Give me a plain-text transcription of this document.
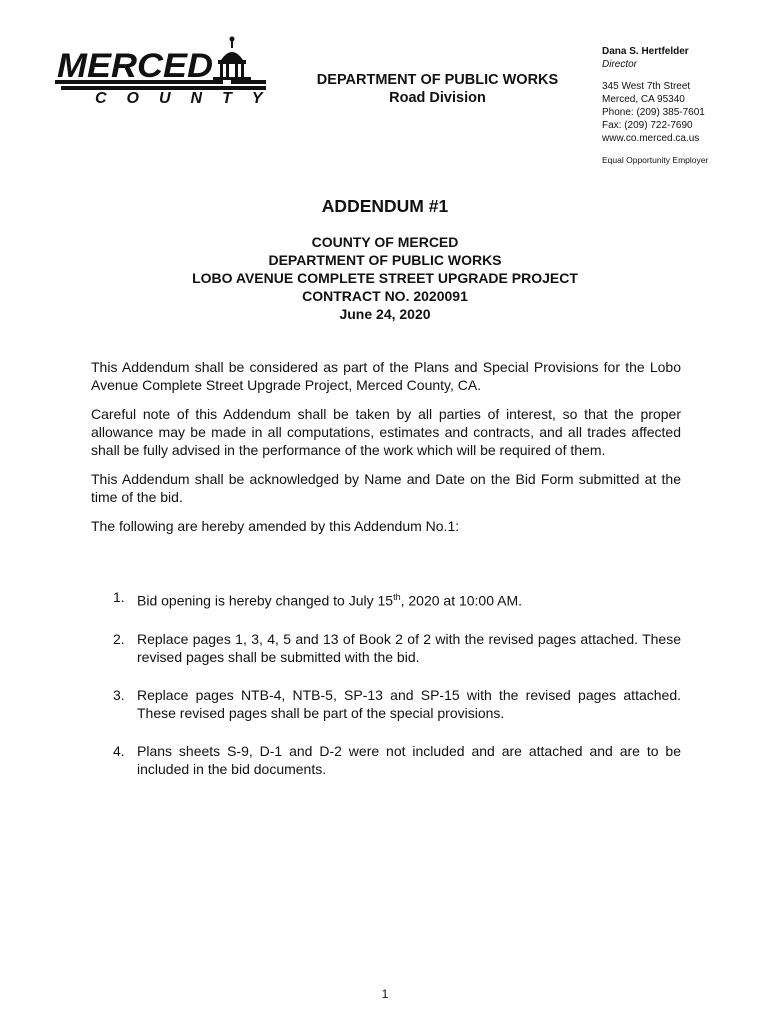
MERCED
COUNTY
DEPARTMENT OF PUBLIC WORKS
Road Division
Dana S. Hertfelder
Director
345 West 7th Street
Merced, CA 95340
Phone: (209) 385-7601
Fax: (209) 722-7690
www.co.merced.ca.us
Equal Opportunity Employer
ADDENDUM #1
COUNTY OF MERCED
DEPARTMENT OF PUBLIC WORKS
LOBO AVENUE COMPLETE STREET UPGRADE PROJECT
CONTRACT NO. 2020091
June 24, 2020

This Addendum shall be considered as part of the Plans and Special Provisions for the Lobo Avenue Complete Street Upgrade Project, Merced County, CA.

Careful note of this Addendum shall be taken by all parties of interest, so that the proper allowance may be made in all computations, estimates and contracts, and all trades affected shall be fully advised in the performance of the work which will be required of them.

This Addendum shall be acknowledged by Name and Date on the Bid Form submitted at the time of the bid.

The following are hereby amended by this Addendum No.1:

1. Bid opening is hereby changed to July 15th, 2020 at 10:00 AM.
2. Replace pages 1, 3, 4, 5 and 13 of Book 2 of 2 with the revised pages attached. These revised pages shall be submitted with the bid.
3. Replace pages NTB-4, NTB-5, SP-13 and SP-15 with the revised pages attached. These revised pages shall be part of the special provisions.
4. Plans sheets S-9, D-1 and D-2 were not included and are attached and are to be included in the bid documents.
1
